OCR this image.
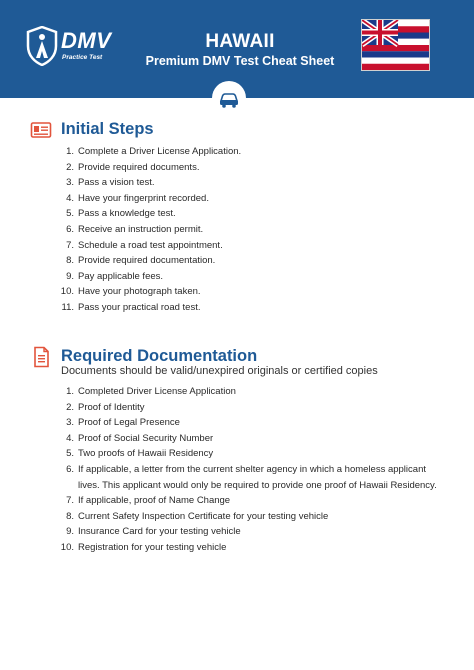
DMV
Practice Test
HAWAII
Premium DMV Test Cheat Sheet
Initial Steps
1. Complete a Driver License Application.
2. Provide required documents.
3. Pass a vision test.
4. Have your fingerprint recorded.
5. Pass a knowledge test.
6. Receive an instruction permit.
7. Schedule a road test appointment.
8. Provide required documentation.
9. Pay applicable fees.
10. Have your photograph taken.
11. Pass your practical road test.
Required Documentation
Documents should be valid/unexpired originals or certified copies
1. Completed Driver License Application
2. Proof of Identity
3. Proof of Legal Presence
4. Proof of Social Security Number
5. Two proofs of Hawaii Residency
6. If applicable, a letter from the current shelter agency in which a homeless applicant lives. This applicant would only be required to provide one proof of Hawaii Residency.
7. If applicable, proof of Name Change
8. Current Safety Inspection Certificate for your testing vehicle
9. Insurance Card for your testing vehicle
10. Registration for your testing vehicle
